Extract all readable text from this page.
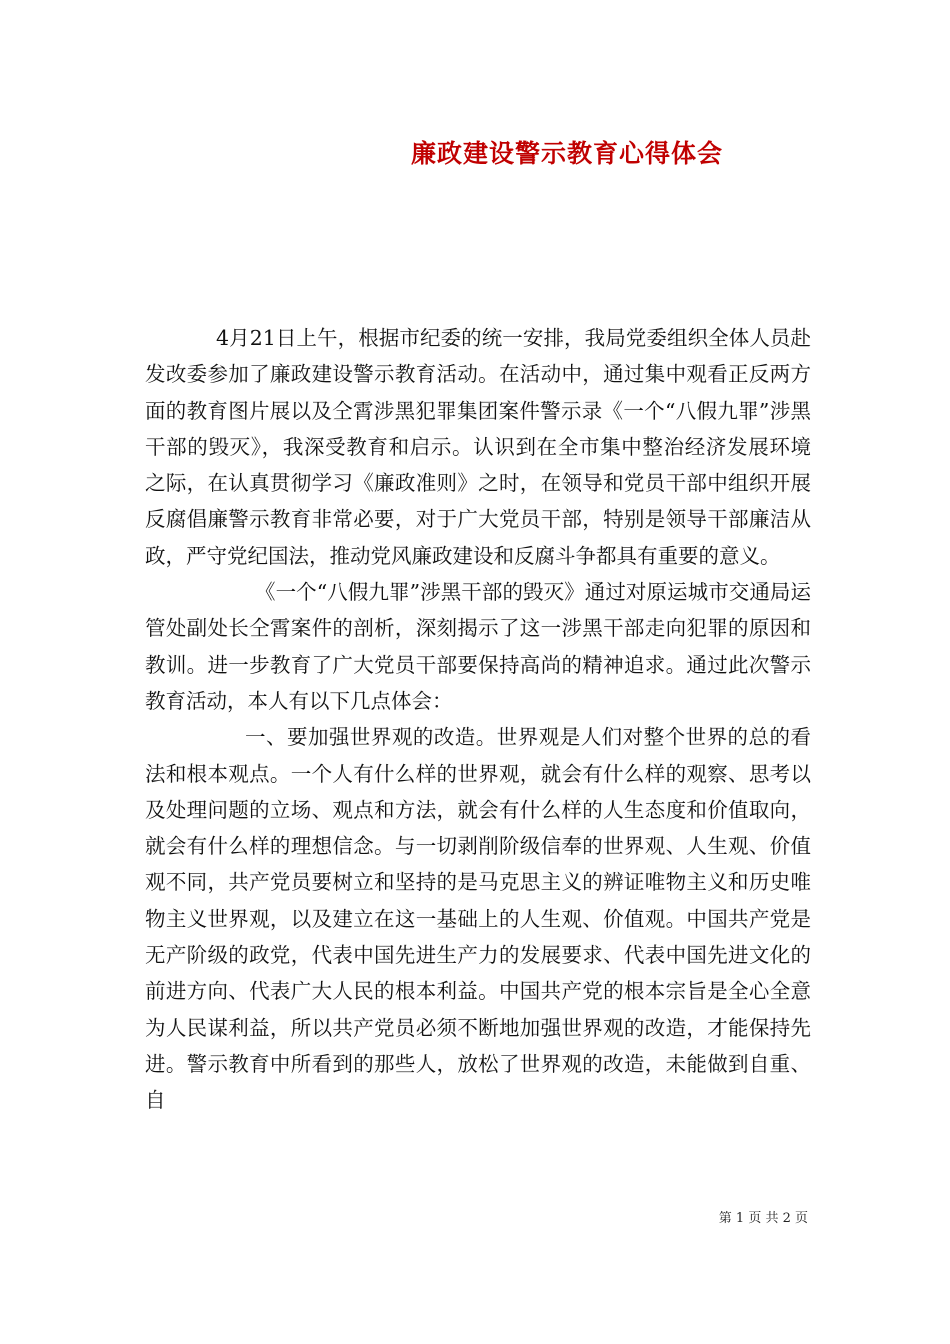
廉政建设警示教育心得体会

4月21日上午，根据市纪委的统一安排，我局党委组织全体人员赴发改委参加了廉政建设警示教育活动。在活动中，通过集中观看正反两方面的教育图片展以及仝霄涉黑犯罪集团案件警示录《一个“八假九罪”涉黑干部的毁灭》，我深受教育和启示。认识到在全市集中整治经济发展环境之际，在认真贯彻学习《廉政准则》之时，在领导和党员干部中组织开展反腐倡廉警示教育非常必要，对于广大党员干部，特别是领导干部廉洁从政，严守党纪国法，推动党风廉政建设和反腐斗争都具有重要的意义。

《一个“八假九罪”涉黑干部的毁灭》通过对原运城市交通局运管处副处长仝霄案件的剖析，深刻揭示了这一涉黑干部走向犯罪的原因和教训。进一步教育了广大党员干部要保持高尚的精神追求。通过此次警示教育活动，本人有以下几点体会：

一、要加强世界观的改造。世界观是人们对整个世界的总的看法和根本观点。一个人有什么样的世界观，就会有什么样的观察、思考以及处理问题的立场、观点和方法，就会有什么样的人生态度和价值取向，就会有什么样的理想信念。与一切剥削阶级信奉的世界观、人生观、价值观不同，共产党员要树立和坚持的是马克思主义的辨证唯物主义和历史唯物主义世界观，以及建立在这一基础上的人生观、价值观。中国共产党是无产阶级的政党，代表中国先进生产力的发展要求、代表中国先进文化的前进方向、代表广大人民的根本利益。中国共产党的根本宗旨是全心全意为人民谋利益，所以共产党员必须不断地加强世界观的改造，才能保持先进。警示教育中所看到的那些人，放松了世界观的改造，未能做到自重、自

第 1 页 共 2 页
